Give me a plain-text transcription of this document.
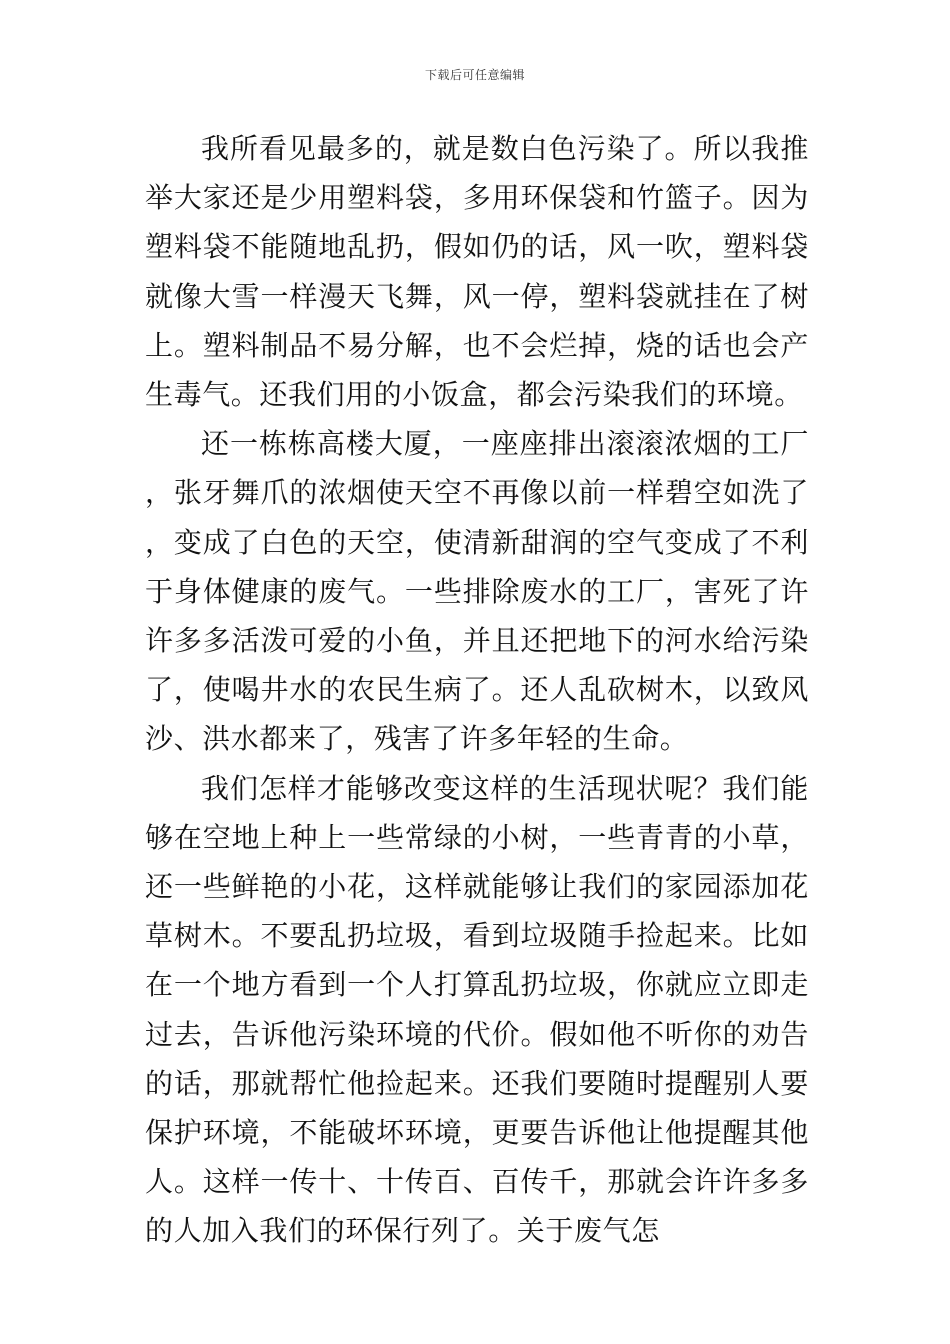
下载后可任意编辑

我所看见最多的，就是数白色污染了。所以我推举大家还是少用塑料袋，多用环保袋和竹篮子。因为塑料袋不能随地乱扔，假如仍的话，风一吹，塑料袋就像大雪一样漫天飞舞，风一停，塑料袋就挂在了树上。塑料制品不易分解，也不会烂掉，烧的话也会产生毒气。还我们用的小饭盒，都会污染我们的环境。

还一栋栋高楼大厦，一座座排出滚滚浓烟的工厂，张牙舞爪的浓烟使天空不再像以前一样碧空如洗了，变成了白色的天空，使清新甜润的空气变成了不利于身体健康的废气。一些排除废水的工厂，害死了许许多多活泼可爱的小鱼，并且还把地下的河水给污染了，使喝井水的农民生病了。还人乱砍树木，以致风沙、洪水都来了，残害了许多年轻的生命。

我们怎样才能够改变这样的生活现状呢？我们能够在空地上种上一些常绿的小树，一些青青的小草，还一些鲜艳的小花，这样就能够让我们的家园添加花草树木。不要乱扔垃圾，看到垃圾随手捡起来。比如在一个地方看到一个人打算乱扔垃圾，你就应立即走过去，告诉他污染环境的代价。假如他不听你的劝告的话，那就帮忙他捡起来。还我们要随时提醒别人要保护环境，不能破坏环境，更要告诉他让他提醒其他人。这样一传十、十传百、百传千，那就会许许多多的人加入我们的环保行列了。关于废气怎
